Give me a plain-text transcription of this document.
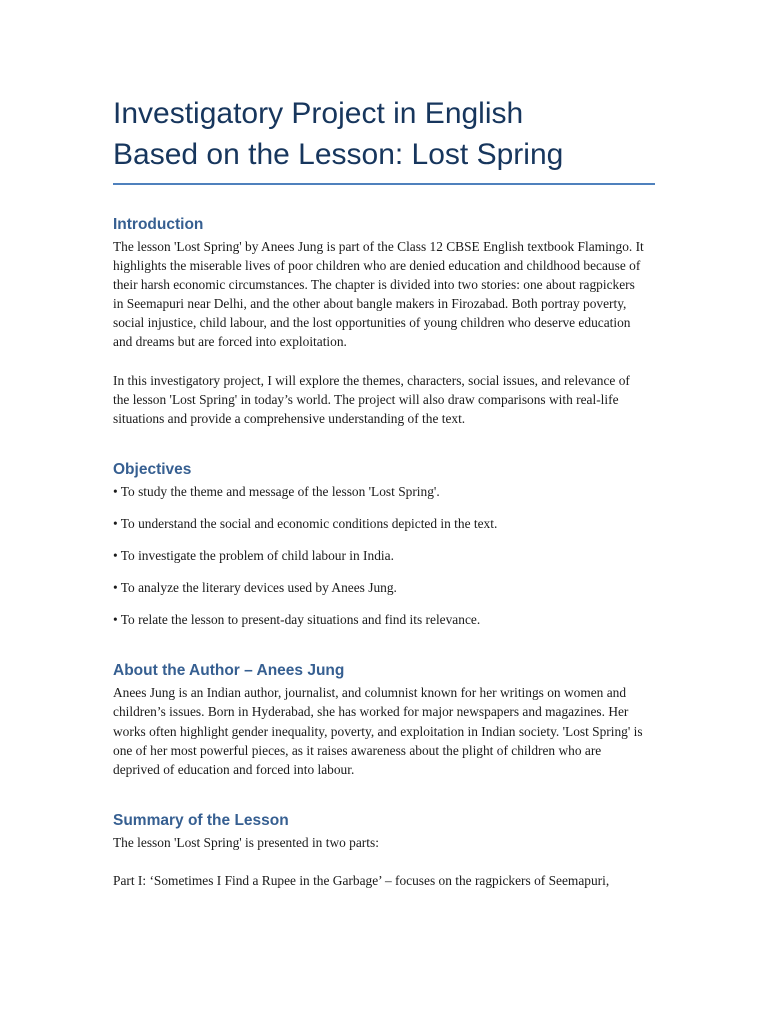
Investigatory Project in English
Based on the Lesson: Lost Spring
Introduction

The lesson 'Lost Spring' by Anees Jung is part of the Class 12 CBSE English textbook Flamingo. It highlights the miserable lives of poor children who are denied education and childhood because of their harsh economic circumstances. The chapter is divided into two stories: one about ragpickers in Seemapuri near Delhi, and the other about bangle makers in Firozabad. Both portray poverty, social injustice, child labour, and the lost opportunities of young children who deserve education and dreams but are forced into exploitation.

In this investigatory project, I will explore the themes, characters, social issues, and relevance of the lesson 'Lost Spring' in today’s world. The project will also draw comparisons with real-life situations and provide a comprehensive understanding of the text.

Objectives
• To study the theme and message of the lesson 'Lost Spring'.
• To understand the social and economic conditions depicted in the text.
• To investigate the problem of child labour in India.
• To analyze the literary devices used by Anees Jung.
• To relate the lesson to present-day situations and find its relevance.
About the Author – Anees Jung

Anees Jung is an Indian author, journalist, and columnist known for her writings on women and children’s issues. Born in Hyderabad, she has worked for major newspapers and magazines. Her works often highlight gender inequality, poverty, and exploitation in Indian society. 'Lost Spring' is one of her most powerful pieces, as it raises awareness about the plight of children who are deprived of education and forced into labour.

Summary of the Lesson

The lesson 'Lost Spring' is presented in two parts:

Part I: ‘Sometimes I Find a Rupee in the Garbage’ – focuses on the ragpickers of Seemapuri,
